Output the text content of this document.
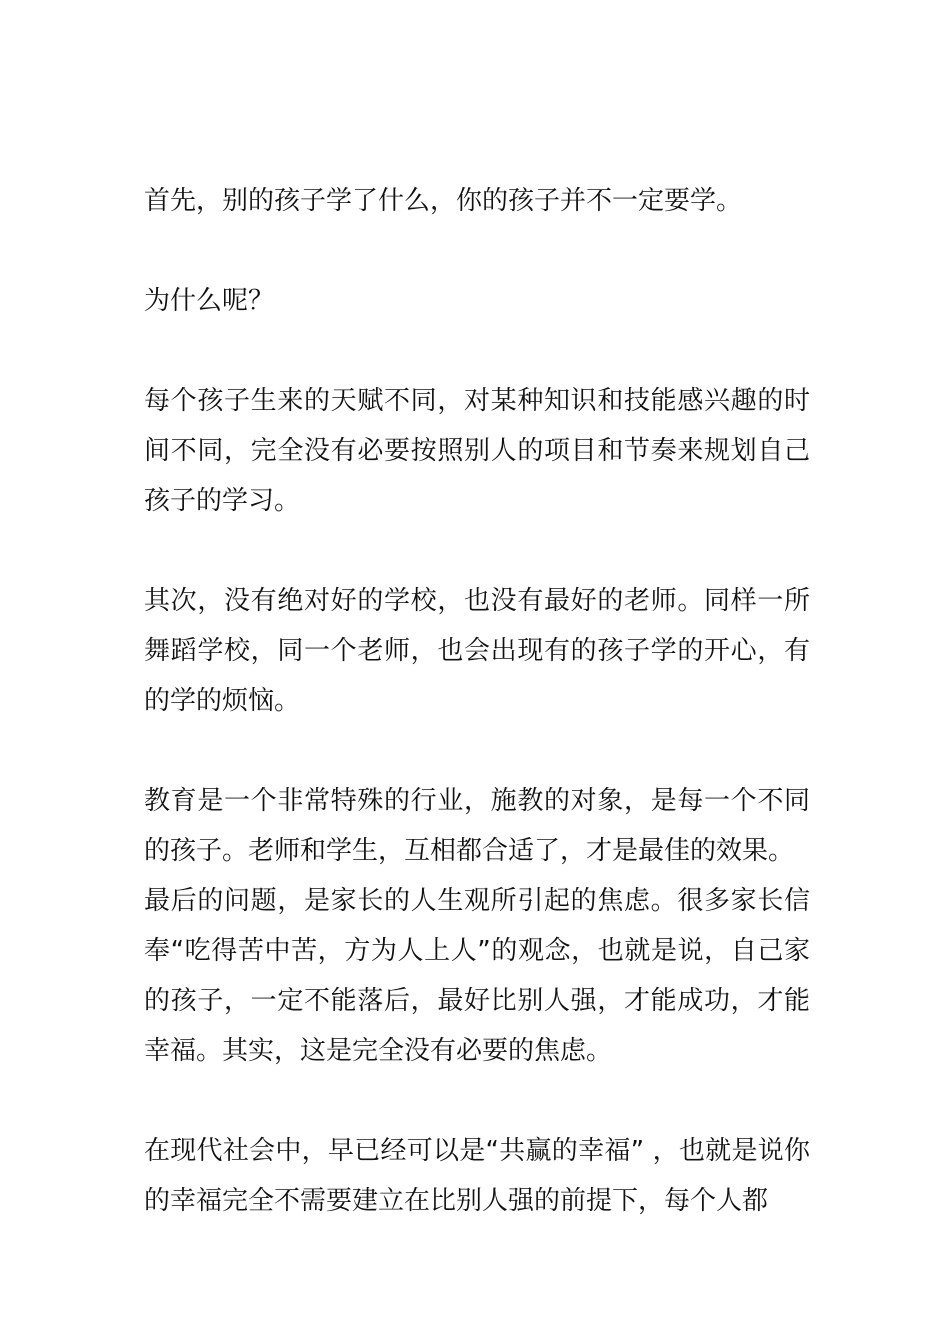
首先，别的孩子学了什么，你的孩子并不一定要学。

为什么呢？

每个孩子生来的天赋不同，对某种知识和技能感兴趣的时间不同，完全没有必要按照别人的项目和节奏来规划自己孩子的学习。

其次，没有绝对好的学校，也没有最好的老师。同样一所舞蹈学校，同一个老师，也会出现有的孩子学的开心，有的学的烦恼。

教育是一个非常特殊的行业，施教的对象，是每一个不同的孩子。老师和学生，互相都合适了，才是最佳的效果。

最后的问题，是家长的人生观所引起的焦虑。很多家长信奉“吃得苦中苦，方为人上人”的观念，也就是说，自己家的孩子，一定不能落后，最好比别人强，才能成功，才能幸福。其实，这是完全没有必要的焦虑。

在现代社会中，早已经可以是“共赢的幸福” ，也就是说你的幸福完全不需要建立在比别人强的前提下，每个人都
